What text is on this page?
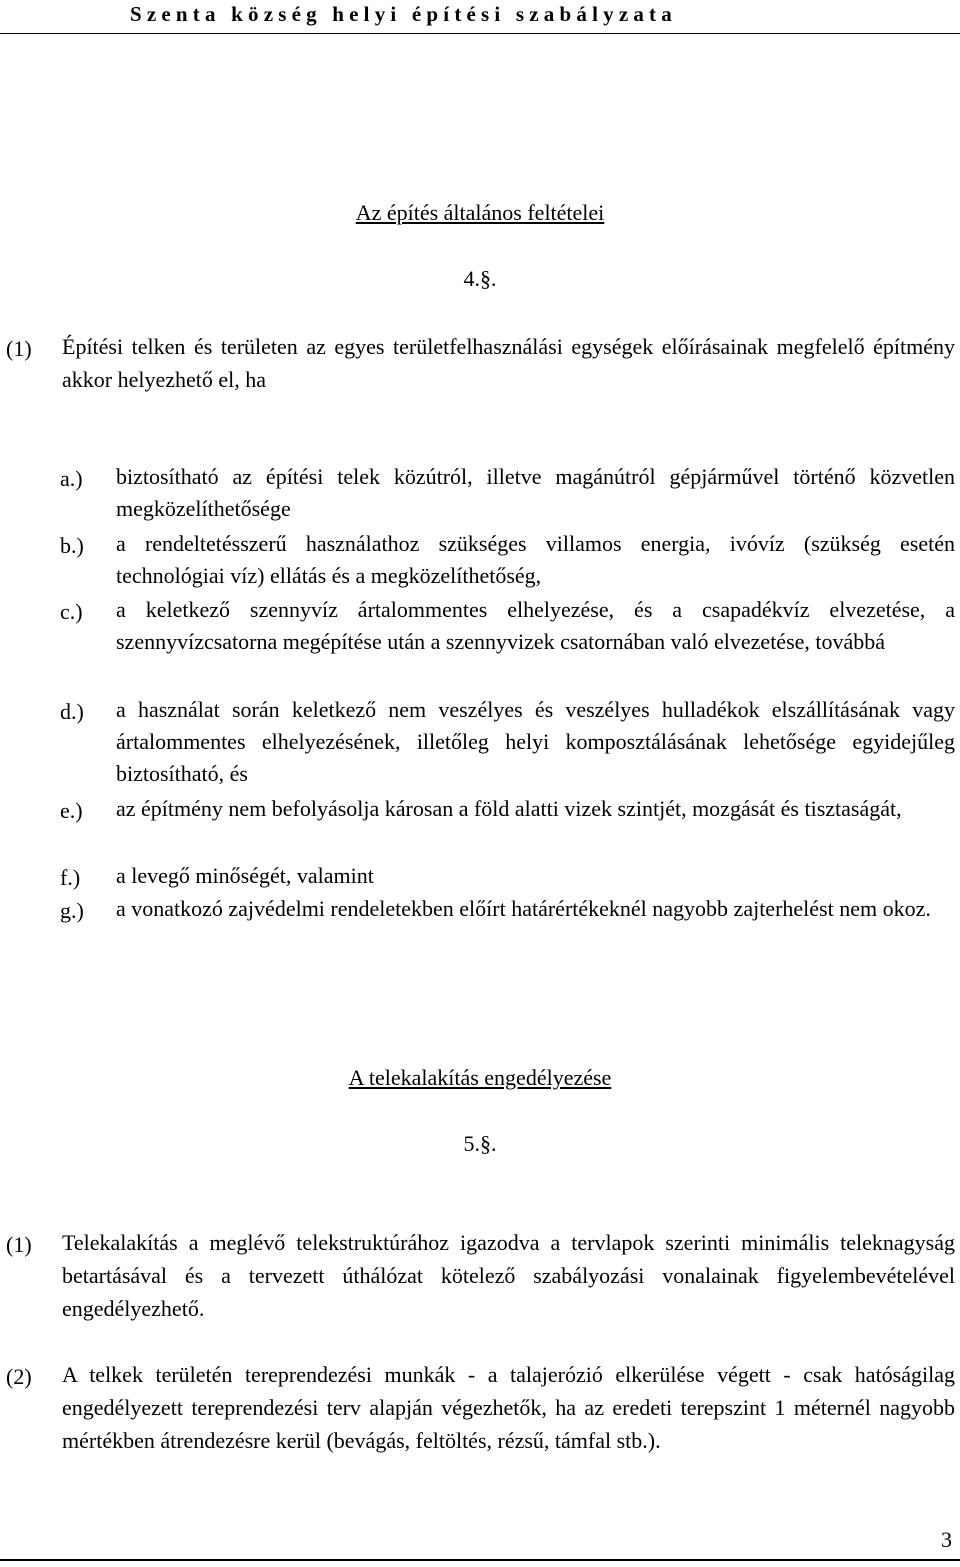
Szenta község helyi építési szabályzata
Az építés általános feltételei
4.§.
(1) Építési telken és területen az egyes területfelhasználási egységek előírásainak megfelelő építmény akkor helyezhető el, ha
a.) biztosítható az építési telek közútról, illetve magánútról gépjárművel történő közvetlen megközelíthetősége
b.) a rendeltetésszerű használathoz szükséges villamos energia, ivóvíz (szükség esetén technológiai víz) ellátás és a megközelíthetőség,
c.) a keletkező szennyvíz ártalommentes elhelyezése, és a csapadékvíz elvezetése, a szennyvízcsatorna megépítése után a szennyvizek csatornában való elvezetése, továbbá
d.) a használat során keletkező nem veszélyes és veszélyes hulladékok elszállításának vagy ártalommentes elhelyezésének, illetőleg helyi komposztálásának lehetősége egyidejűleg biztosítható, és
e.) az építmény nem befolyásolja károsan a föld alatti vizek szintjét, mozgását és tisztaságát,
f.) a levegő minőségét, valamint
g.) a vonatkozó zajvédelmi rendeletekben előírt határértékeknél nagyobb zajterhelést nem okoz.
A telekalakítás engedélyezése
5.§.
(1) Telekalakítás a meglévő telekstruktúrához igazodva a tervlapok szerinti minimális teleknagyság betartásával és a tervezett úthálózat kötelező szabályozási vonalainak figyelembevételével engedélyezhető.
(2) A telkek területén tereprendezési munkák - a talajerózió elkerülése végett - csak hatóságilag engedélyezett tereprendezési terv alapján végezhetők, ha az eredeti terepszint 1 méternél nagyobb mértékben átrendezésre kerül (bevágás, feltöltés, rézsű, támfal stb.).
3
